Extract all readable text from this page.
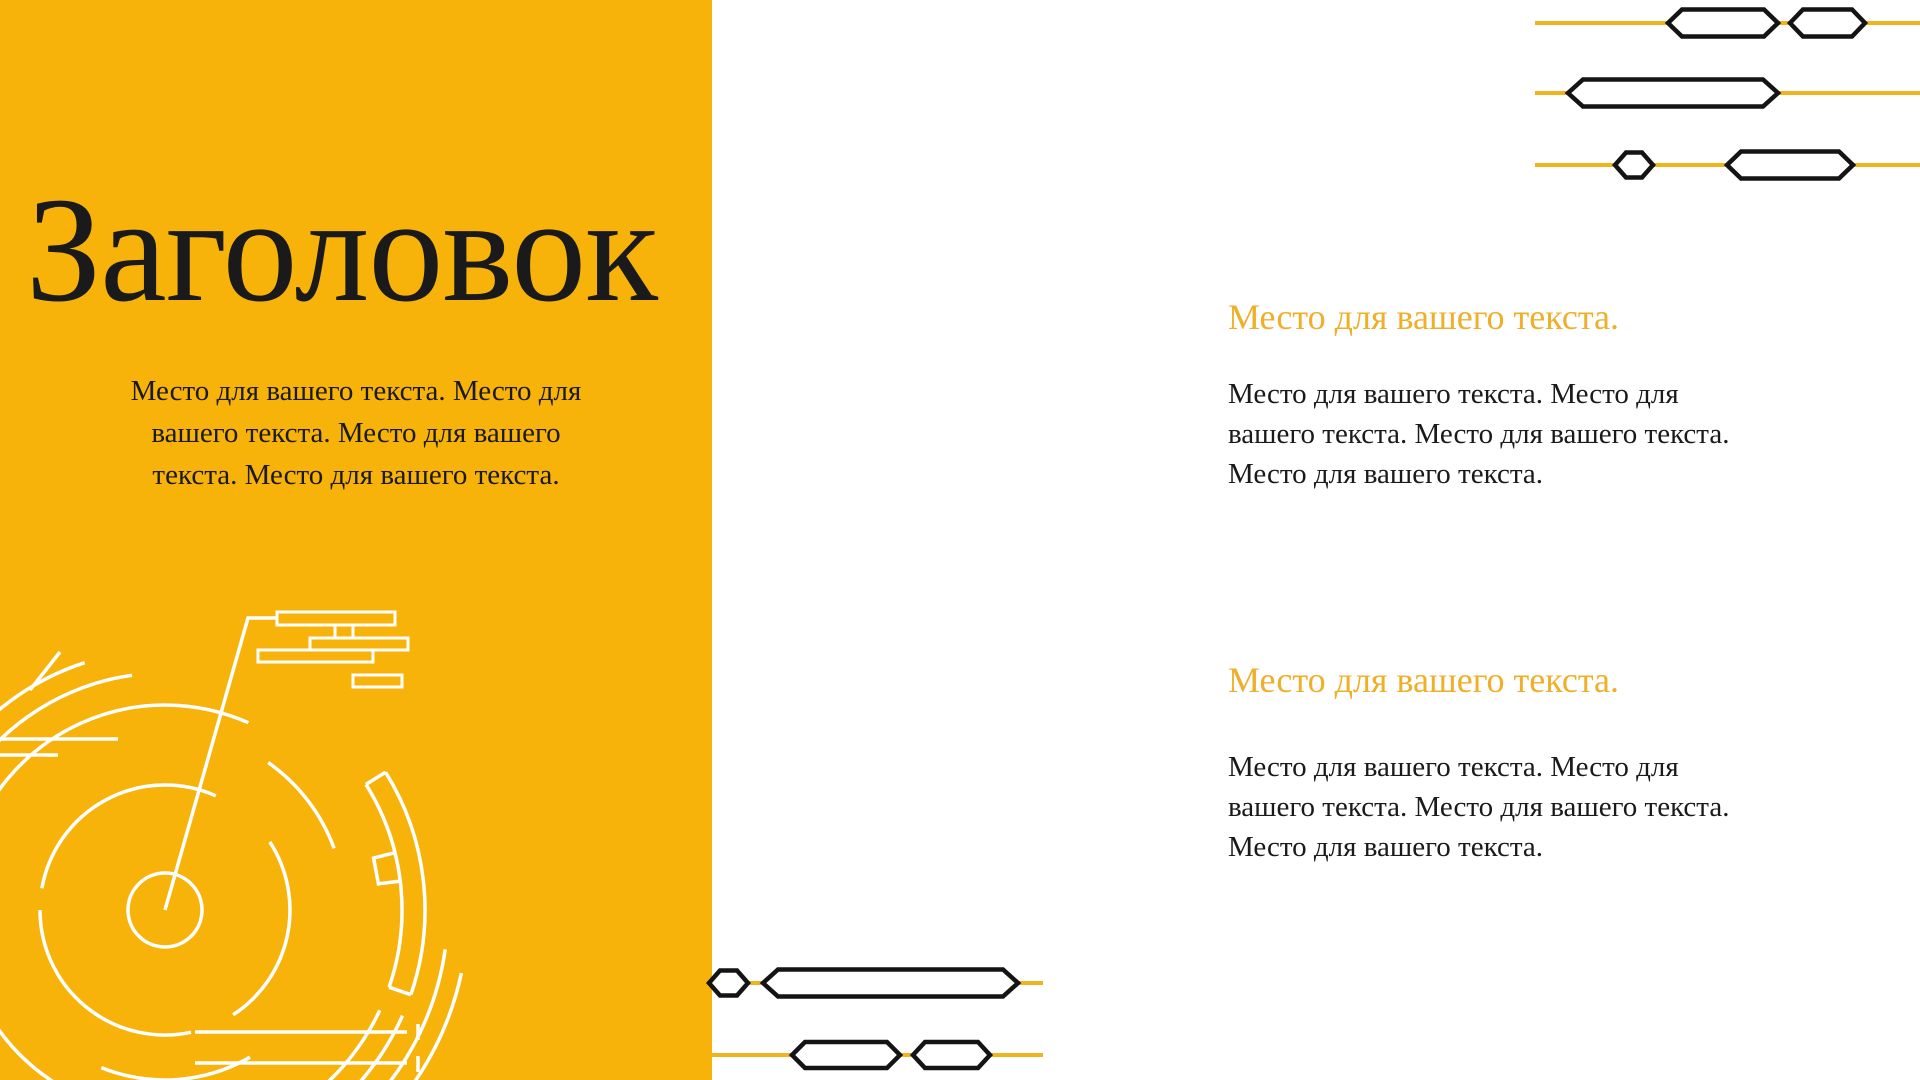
Заголовок
Место для вашего текста. Место для
вашего текста. Место для вашего
текста. Место для вашего текста.
Место для вашего текста.
Место для вашего текста. Место для
вашего текста. Место для вашего текста.
Место для вашего текста.
Место для вашего текста.
Место для вашего текста. Место для
вашего текста. Место для вашего текста.
Место для вашего текста.
